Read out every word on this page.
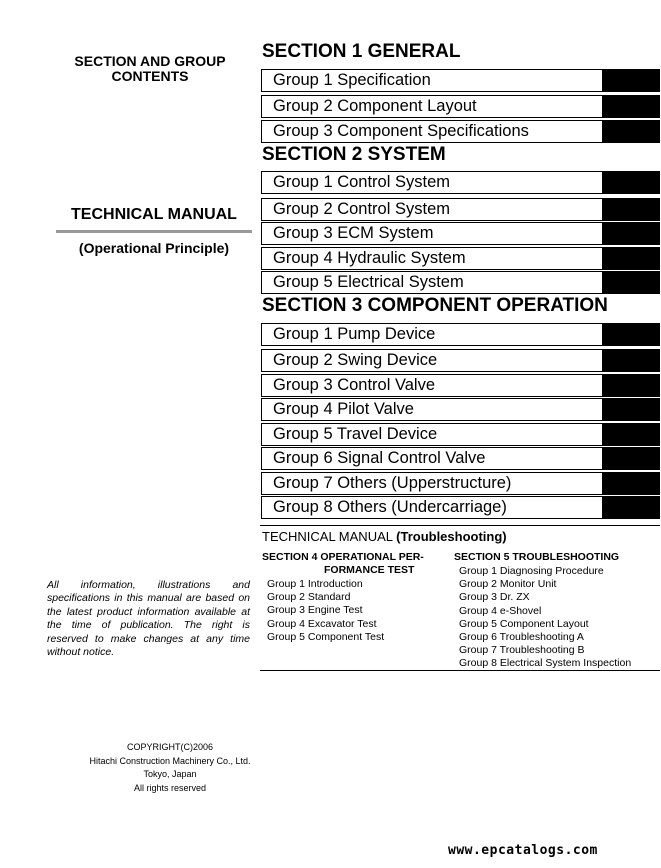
SECTION AND GROUP
CONTENTS
TECHNICAL MANUAL
(Operational Principle)
All information, illustrations and specifications in this manual are based on the latest product information available at the time of publication. The right is reserved to make changes at any time without notice.
COPYRIGHT(C)2006
Hitachi Construction Machinery Co., Ltd.
Tokyo, Japan
All rights reserved
SECTION 1 GENERAL
Group 1 Specification
Group 2 Component Layout
Group 3 Component Specifications
SECTION 2 SYSTEM
Group 1 Control System
Group 2 Control System
Group 3 ECM System
Group 4 Hydraulic System
Group 5 Electrical System
SECTION 3 COMPONENT OPERATION
Group 1 Pump Device
Group 2 Swing Device
Group 3 Control Valve
Group 4 Pilot Valve
Group 5 Travel Device
Group 6 Signal Control Valve
Group 7 Others (Upperstructure)
Group 8 Others (Undercarriage)
TECHNICAL MANUAL (Troubleshooting)
SECTION 4 OPERATIONAL PER-
FORMANCE TEST
Group 1 Introduction
Group 2 Standard
Group 3 Engine Test
Group 4 Excavator Test
Group 5 Component Test
SECTION 5 TROUBLESHOOTING
Group 1 Diagnosing Procedure
Group 2 Monitor Unit
Group 3 Dr. ZX
Group 4 e-Shovel
Group 5 Component Layout
Group 6 Troubleshooting A
Group 7 Troubleshooting B
Group 8 Electrical System Inspection
www.epcatalogs.com
